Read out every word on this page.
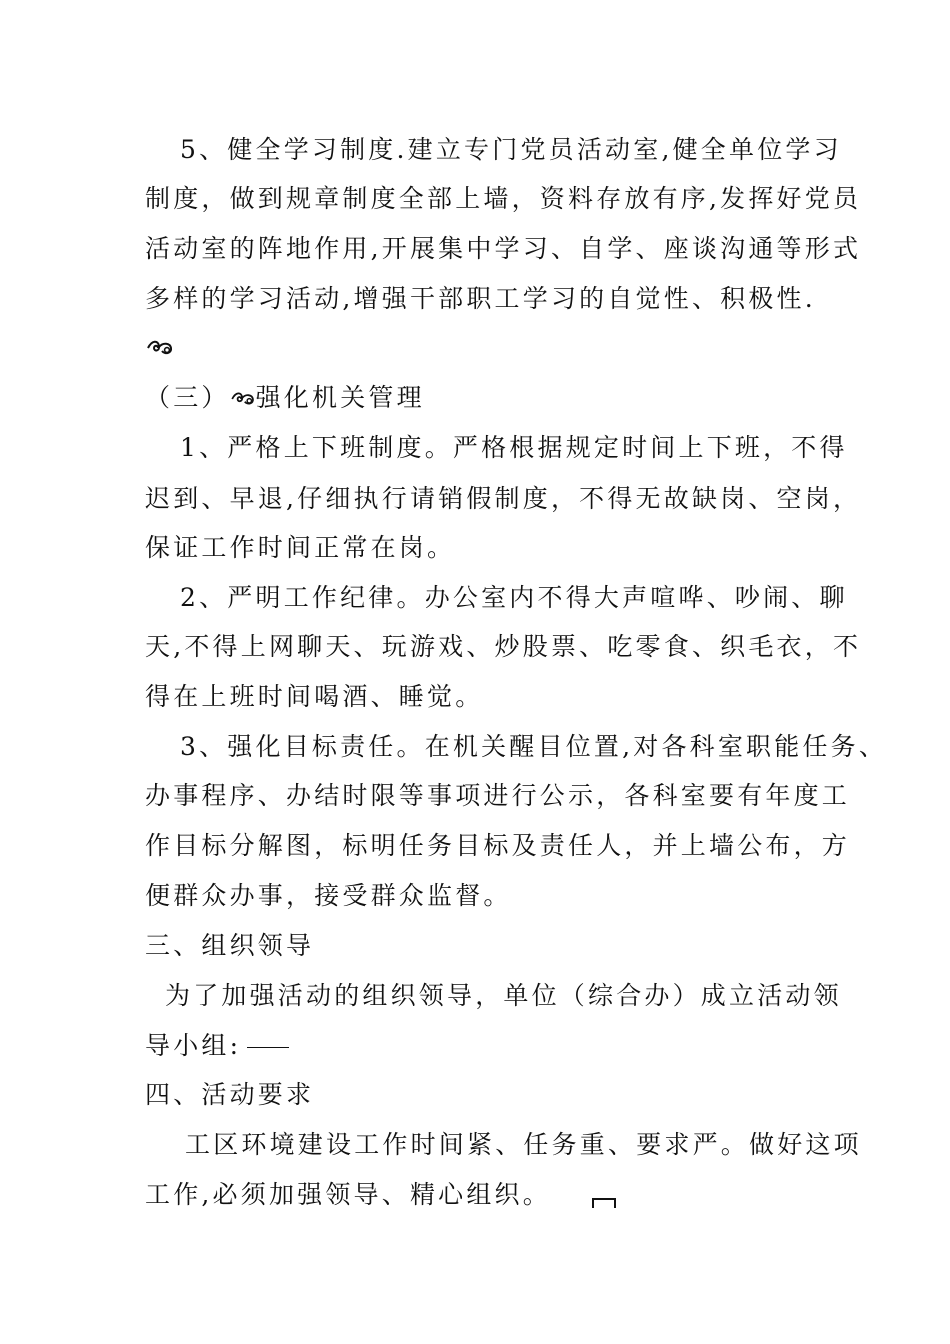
5、健全学习制度.建立专门党员活动室,健全单位学习
制度，做到规章制度全部上墙，资料存放有序,发挥好党员
活动室的阵地作用,开展集中学习、自学、座谈沟通等形式
多样的学习活动,增强干部职工学习的自觉性、积极性.
（三） 强化机关管理
1、严格上下班制度。严格根据规定时间上下班，不得
迟到、早退,仔细执行请销假制度，不得无故缺岗、空岗，
保证工作时间正常在岗。
2、严明工作纪律。办公室内不得大声喧哗、吵闹、聊
天,不得上网聊天、玩游戏、炒股票、吃零食、织毛衣，不
得在上班时间喝酒、睡觉。
3、强化目标责任。在机关醒目位置,对各科室职能任务、
办事程序、办结时限等事项进行公示，各科室要有年度工
作目标分解图，标明任务目标及责任人，并上墙公布，方
便群众办事，接受群众监督。
三、组织领导
为了加强活动的组织领导，单位（综合办）成立活动领
导小组:
四、活动要求
工区环境建设工作时间紧、任务重、要求严。做好这项
工作,必须加强领导、精心组织。
